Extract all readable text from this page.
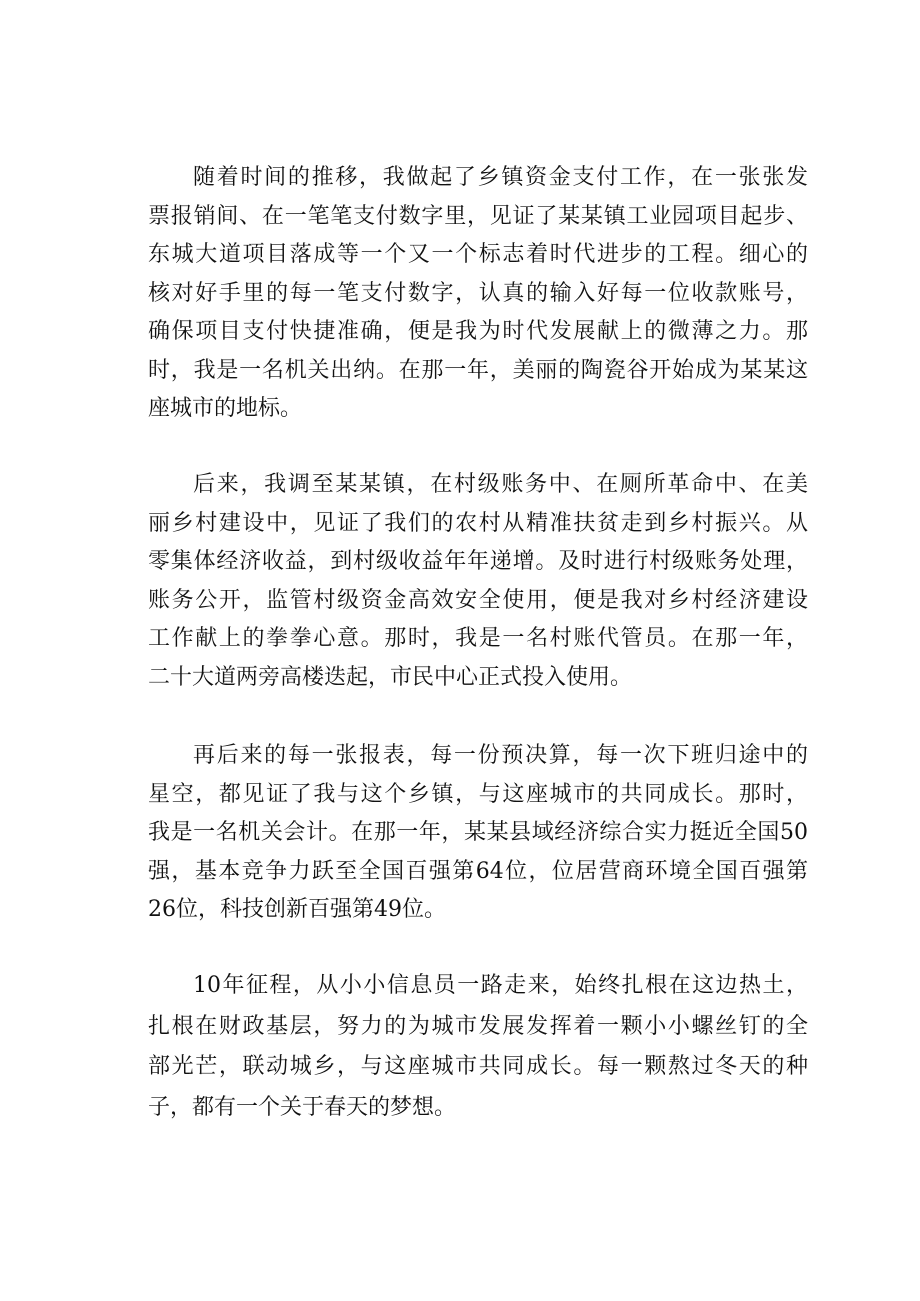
随着时间的推移，我做起了乡镇资金支付工作，在一张张发
票报销间、在一笔笔支付数字里，见证了某某镇工业园项目起步、
东城大道项目落成等一个又一个标志着时代进步的工程。细心的
核对好手里的每一笔支付数字，认真的输入好每一位收款账号，
确保项目支付快捷准确，便是我为时代发展献上的微薄之力。那
时，我是一名机关出纳。在那一年，美丽的陶瓷谷开始成为某某这
座城市的地标。
后来，我调至某某镇，在村级账务中、在厕所革命中、在美
丽乡村建设中，见证了我们的农村从精准扶贫走到乡村振兴。从
零集体经济收益，到村级收益年年递增。及时进行村级账务处理，
账务公开，监管村级资金高效安全使用，便是我对乡村经济建设
工作献上的拳拳心意。那时，我是一名村账代管员。在那一年，
二十大道两旁高楼迭起，市民中心正式投入使用。
再后来的每一张报表，每一份预决算，每一次下班归途中的
星空，都见证了我与这个乡镇，与这座城市的共同成长。那时，
我是一名机关会计。在那一年，某某县域经济综合实力挺近全国50
强，基本竞争力跃至全国百强第64位，位居营商环境全国百强第
26位，科技创新百强第49位。
10年征程，从小小信息员一路走来，始终扎根在这边热土，
扎根在财政基层，努力的为城市发展发挥着一颗小小螺丝钉的全
部光芒，联动城乡，与这座城市共同成长。每一颗熬过冬天的种
子，都有一个关于春天的梦想。
